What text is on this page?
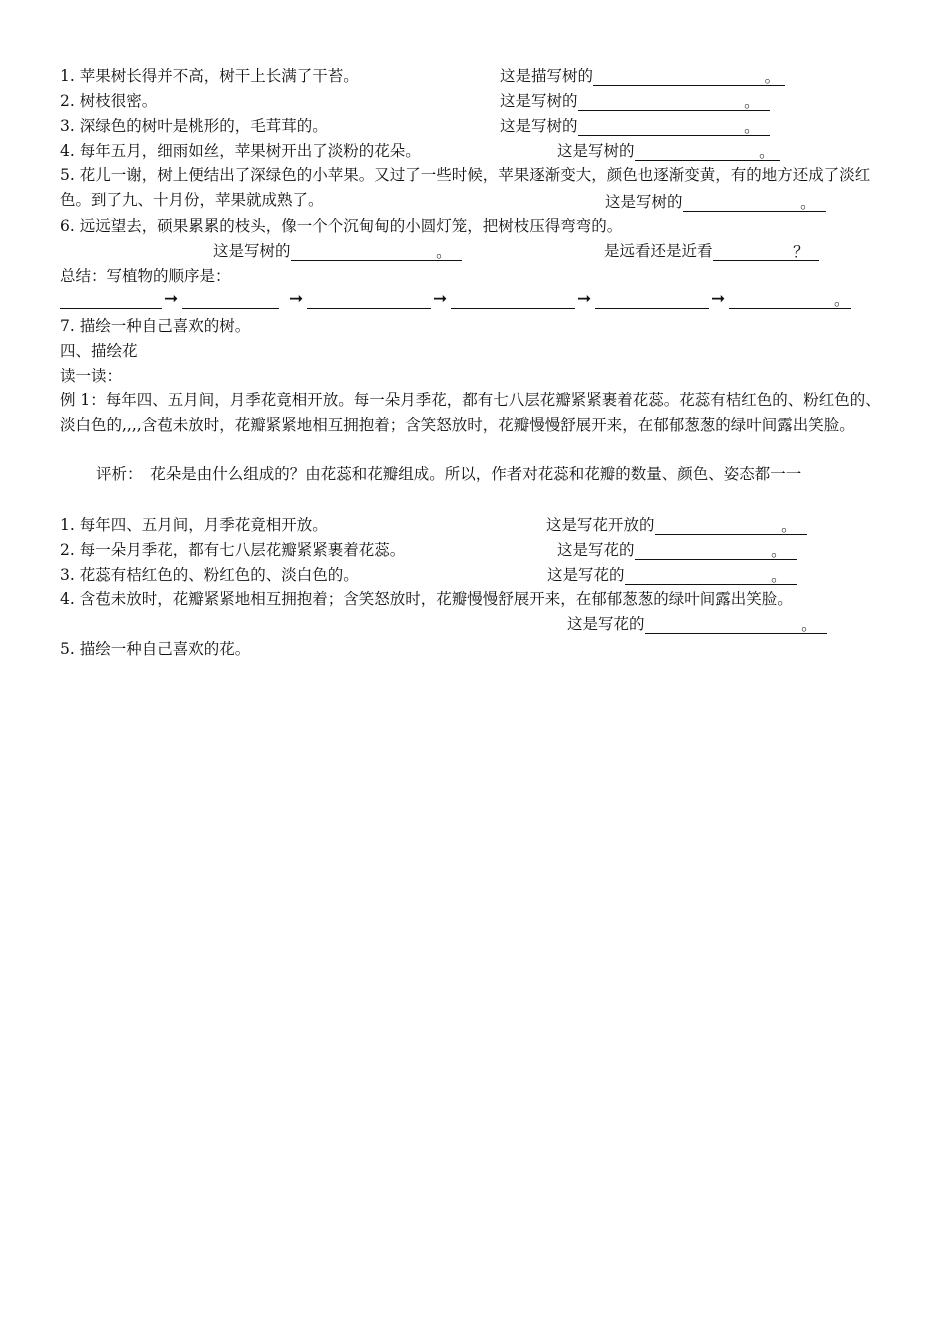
1. 苹果树长得并不高，树干上长满了干苔。	这是描写树的	。
2. 树枝很密。	这是写树的	。
3. 深绿色的树叶是桃形的，毛茸茸的。	这是写树的	。
4. 每年五月，细雨如丝，苹果树开出了淡粉的花朵。	这是写树的	。
5. 花儿一谢，树上便结出了深绿色的小苹果。又过了一些时候，苹果逐渐变大，颜色也逐渐变黄，有的地方还成了淡红色。到了九、十月份，苹果就成熟了。	这是写树的	。
6. 远远望去，硕果累累的枝头，像一个个沉甸甸的小圆灯笼，把树枝压得弯弯的。
这是写树的	。	是远看还是近看	？
总结：写植物的顺序是：
➞	➞	➞	➞	➞	。
7. 描绘一种自己喜欢的树。
四、描绘花
读一读：
例 1：每年四、五月间，月季花竟相开放。每一朵月季花，都有七八层花瓣紧紧裹着花蕊。花蕊有桔红色的、粉红色的、淡白色的,,,,含苞未放时，花瓣紧紧地相互拥抱着；含笑怒放时，花瓣慢慢舒展开来，在郁郁葱葱的绿叶间露出笑脸。
评析：　花朵是由什么组成的？由花蕊和花瓣组成。所以，作者对花蕊和花瓣的数量、颜色、姿态都一一
1. 每年四、五月间，月季花竟相开放。	这是写花开放的	。
2. 每一朵月季花，都有七八层花瓣紧紧裹着花蕊。	这是写花的	。
3. 花蕊有桔红色的、粉红色的、淡白色的。	这是写花的	。
4. 含苞未放时，花瓣紧紧地相互拥抱着；含笑怒放时，花瓣慢慢舒展开来，在郁郁葱葱的绿叶间露出笑脸。
这是写花的	。
5. 描绘一种自己喜欢的花。
